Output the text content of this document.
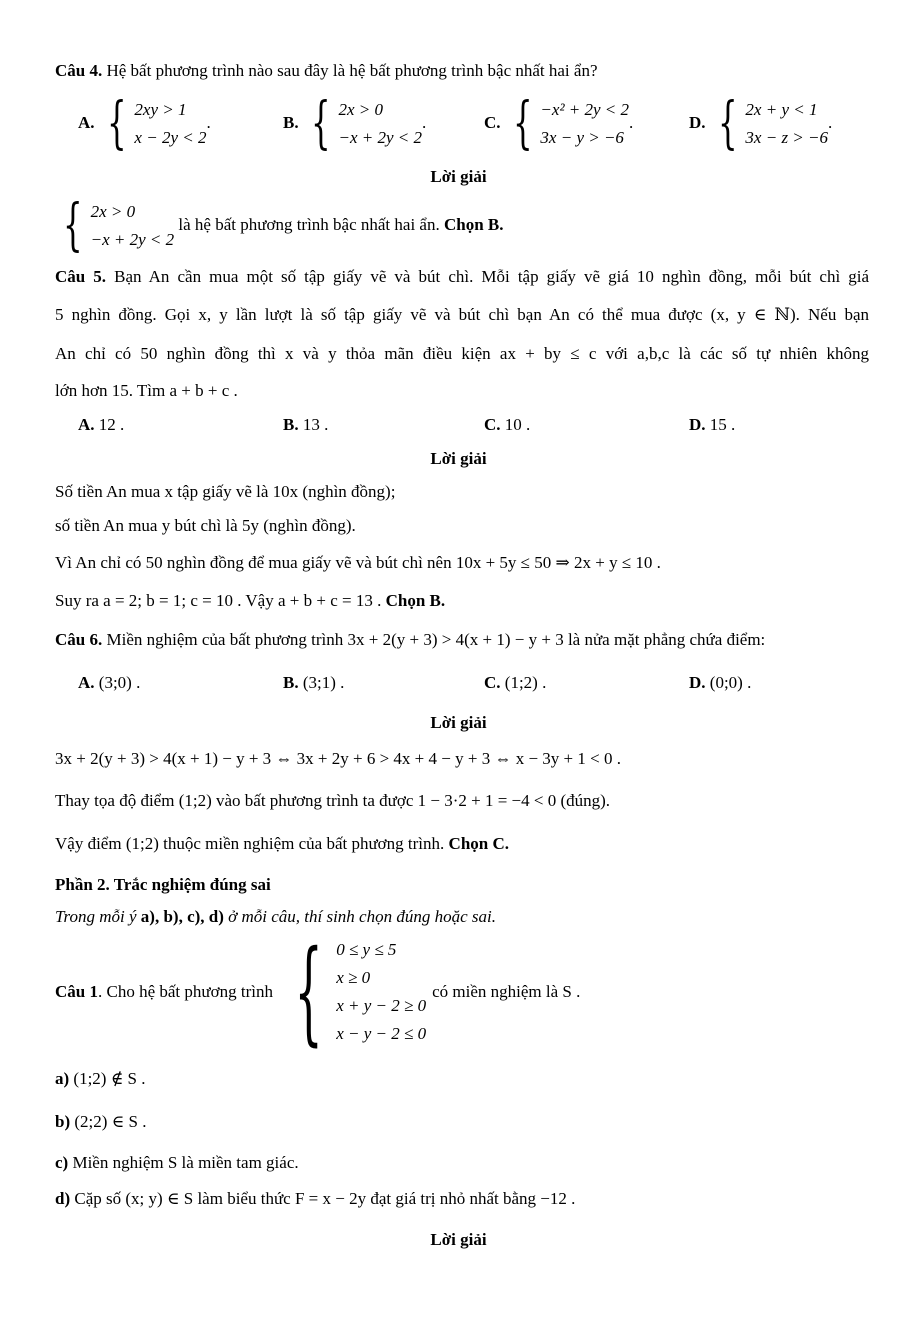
Câu 4. Hệ bất phương trình nào sau đây là hệ bất phương trình bậc nhất hai ẩn?
A. { 2xy > 1
x − 2y < 2
.	B. { 2x > 0
−x + 2y < 2
.	C. { −x² + 2y < 2
3x − y > −6
.	D. { 2x + y < 1
3x − z > −6
.
Lời giải
{ 2x > 0
−x + 2y < 2
là hệ bất phương trình bậc nhất hai ẩn. Chọn B.
Câu 5. Bạn An cần mua một số tập giấy vẽ và bút chì. Mỗi tập giấy vẽ giá 10 nghìn đồng, mỗi bút chì giá
5 nghìn đồng. Gọi x, y lần lượt là số tập giấy vẽ và bút chì bạn An có thể mua được (x, y ∈ ℕ). Nếu bạn
An chỉ có 50 nghìn đồng thì x và y thỏa mãn điều kiện ax + by ≤ c với a,b,c là các số tự nhiên không
lớn hơn 15. Tìm a + b + c .
A. 12 .	B. 13 .	C. 10 .	D. 15 .
Lời giải
Số tiền An mua x tập giấy vẽ là 10x (nghìn đồng);
số tiền An mua y bút chì là 5y (nghìn đồng).
Vì An chỉ có 50 nghìn đồng để mua giấy vẽ và bút chì nên 10x + 5y ≤ 50 ⇒ 2x + y ≤ 10 .
Suy ra a = 2; b = 1; c = 10 . Vậy a + b + c = 13 . Chọn B.
Câu 6. Miền nghiệm của bất phương trình 3x + 2(y + 3) > 4(x + 1) − y + 3 là nửa mặt phẳng chứa điểm:
A. (3;0) .	B. (3;1) .	C. (1;2) .	D. (0;0) .
Lời giải
3x + 2(y + 3) > 4(x + 1) − y + 3 ⇔ 3x + 2y + 6 > 4x + 4 − y + 3 ⇔ x − 3y + 1 < 0 .
Thay tọa độ điểm (1;2) vào bất phương trình ta được 1 − 3·2 + 1 = −4 < 0 (đúng).
Vậy điểm (1;2) thuộc miền nghiệm của bất phương trình. Chọn C.
Phần 2. Trắc nghiệm đúng sai
Trong mỗi ý a), b), c), d) ở mỗi câu, thí sinh chọn đúng hoặc sai.
Câu 1 . Cho hệ bất phương trình { 0 ≤ y ≤ 5
x ≥ 0
x + y − 2 ≥ 0
x − y − 2 ≤ 0
có miền nghiệm là S .
a) (1;2) ∉ S .
b) (2;2) ∈ S .
c) Miền nghiệm S là miền tam giác.
d) Cặp số (x; y) ∈ S làm biểu thức F = x − 2y đạt giá trị nhỏ nhất bằng −12 .
Lời giải
